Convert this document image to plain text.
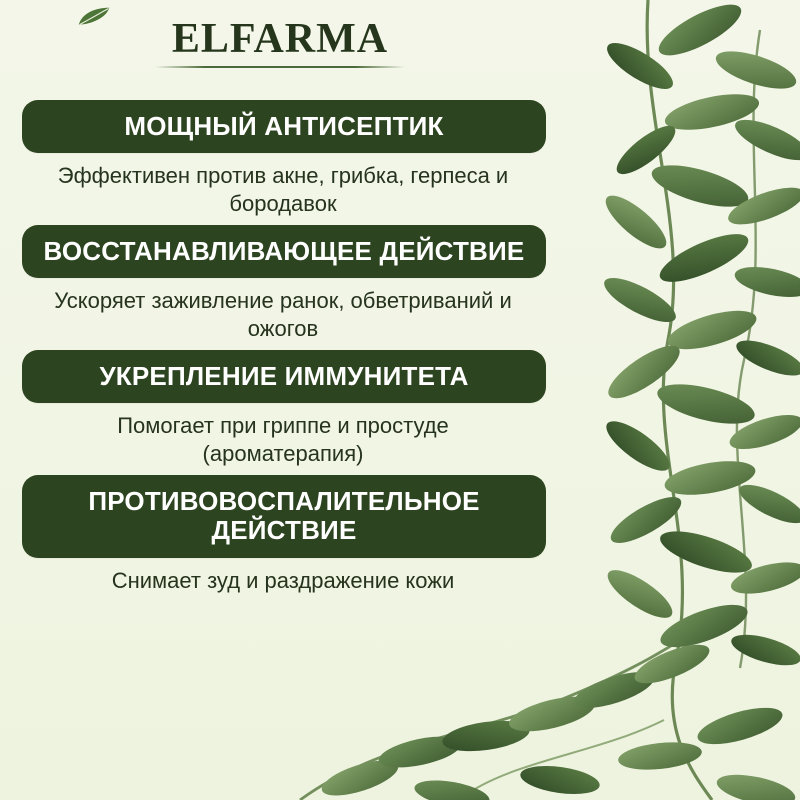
ELFARMA
МОЩНЫЙ АНТИСЕПТИК

Эффективен против акне, грибка, герпеса и бородавок

ВОССТАНАВЛИВАЮЩЕЕ ДЕЙСТВИЕ

Ускоряет заживление ранок, обветриваний и ожогов

УКРЕПЛЕНИЕ ИММУНИТЕТА

Помогает при гриппе и простуде (ароматерапия)

ПРОТИВОВОСПАЛИТЕЛЬНОЕ ДЕЙСТВИЕ

Снимает зуд и раздражение кожи
